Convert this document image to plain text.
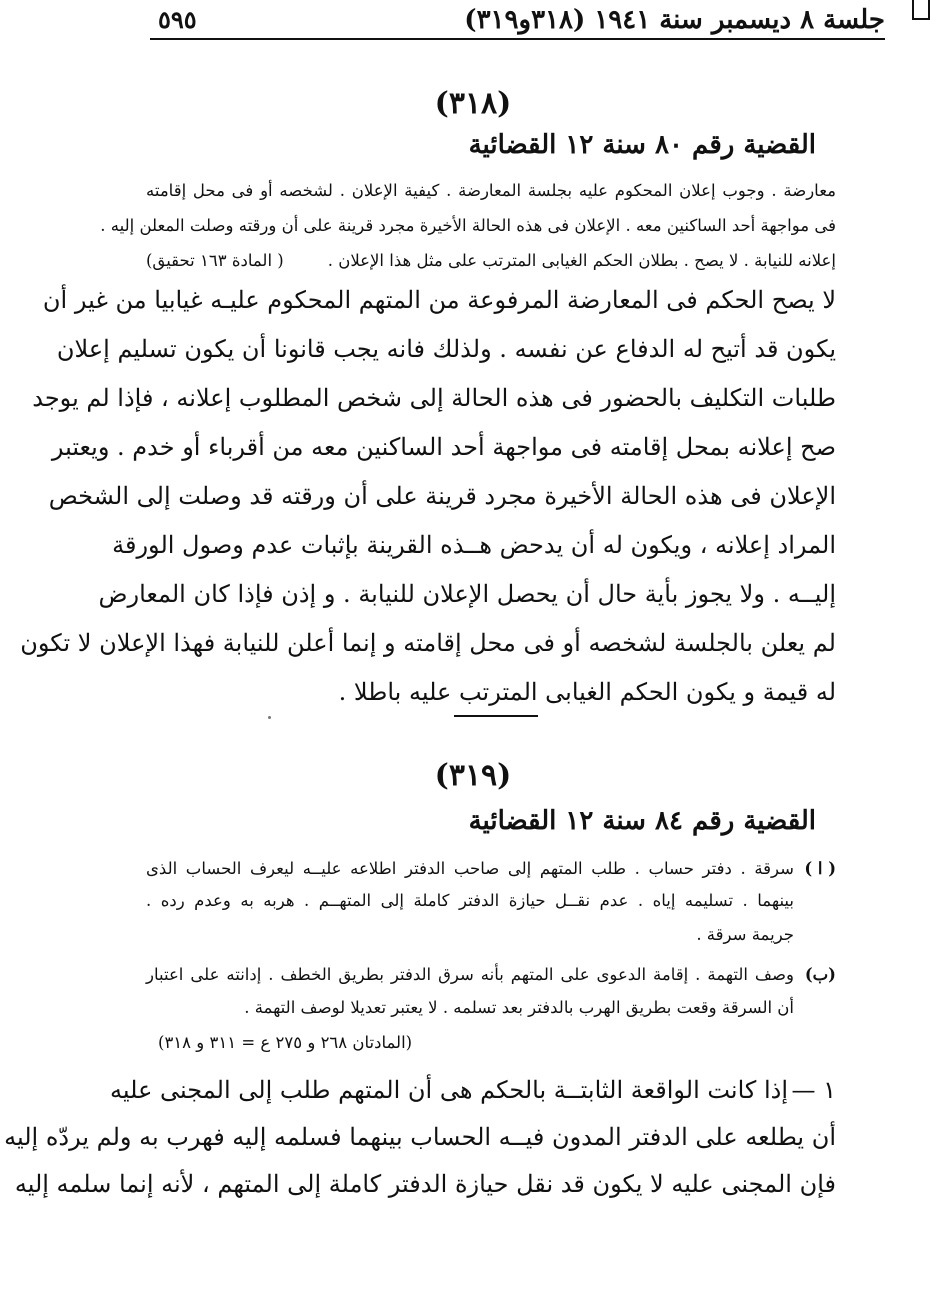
جلسة ٨ ديسمبر سنة ١٩٤١ (٣١٨و٣١٩)
٥٩٥
(٣١٨)
القضية رقم ٨٠ سنة ١٢ القضائية
معارضة . وجوب إعلان المحكوم عليه بجلسة المعارضة . كيفية الإعلان . لشخصه أو فى محل إقامته
فى مواجهة أحد الساكنين معه . الإعلان فى هذه الحالة الأخيرة مجرد قرينة على أن ورقته وصلت المعلن إليه .
إعلانه للنيابة . لا يصح . بطلان الحكم الغيابى المترتب على مثل هذا الإعلان .
( المادة ١٦٣ تحقيق)
لا يصح الحكم فى المعارضة المرفوعة من المتهم المحكوم عليـه غيابيا من غير أن
يكون قد أتيح له الدفاع عن نفسه . ولذلك فانه يجب قانونا أن يكون تسليم إعلان
طلبات التكليف بالحضور فى هذه الحالة إلى شخص المطلوب إعلانه ، فإذا لم يوجد
صح إعلانه بمحل إقامته فى مواجهة أحد الساكنين معه من أقرباء أو خدم . ويعتبر
الإعلان فى هذه الحالة الأخيرة مجرد قرينة على أن ورقته قد وصلت إلى الشخص
المراد إعلانه ، ويكون له أن يدحض هــذه القرينة بإثبات عدم وصول الورقة
إليــه . ولا يجوز بأية حال أن يحصل الإعلان للنيابة . و إذن فإذا كان المعارض
لم يعلن بالجلسة لشخصه أو فى محل إقامته و إنما أعلن للنيابة فهذا الإعلان لا تكون
له قيمة و يكون الحكم الغيابى المترتب عليه باطلا .
(٣١٩)
القضية رقم ٨٤ سنة ١٢ القضائية
( ا )
سرقة . دفتر حساب . طلب المتهم إلى صاحب الدفتر اطلاعه عليــه ليعرف الحساب الذى
بينهما . تسليمه إياه . عدم نقــل حيازة الدفتر كاملة إلى المتهــم . هربه به وعدم رده .
جريمة سرقة .
(ب)
وصف التهمة . إقامة الدعوى على المتهم بأنه سرق الدفتر بطريق الخطف . إدانته على اعتبار
أن السرقة وقعت بطريق الهرب بالدفتر بعد تسلمه . لا يعتبر تعديلا لوصف التهمة .
(المادتان ٢٦٨ و ٢٧٥ ع = ٣١١ و ٣١٨)
١ —
إذا كانت الواقعة الثابتــة بالحكم هى أن المتهم طلب إلى المجنى عليه
أن يطلعه على الدفتر المدون فيــه الحساب بينهما فسلمه إليه فهرب به ولم يردّه إليه
فإن المجنى عليه لا يكون قد نقل حيازة الدفتر كاملة إلى المتهم ، لأنه إنما سلمه إليه
